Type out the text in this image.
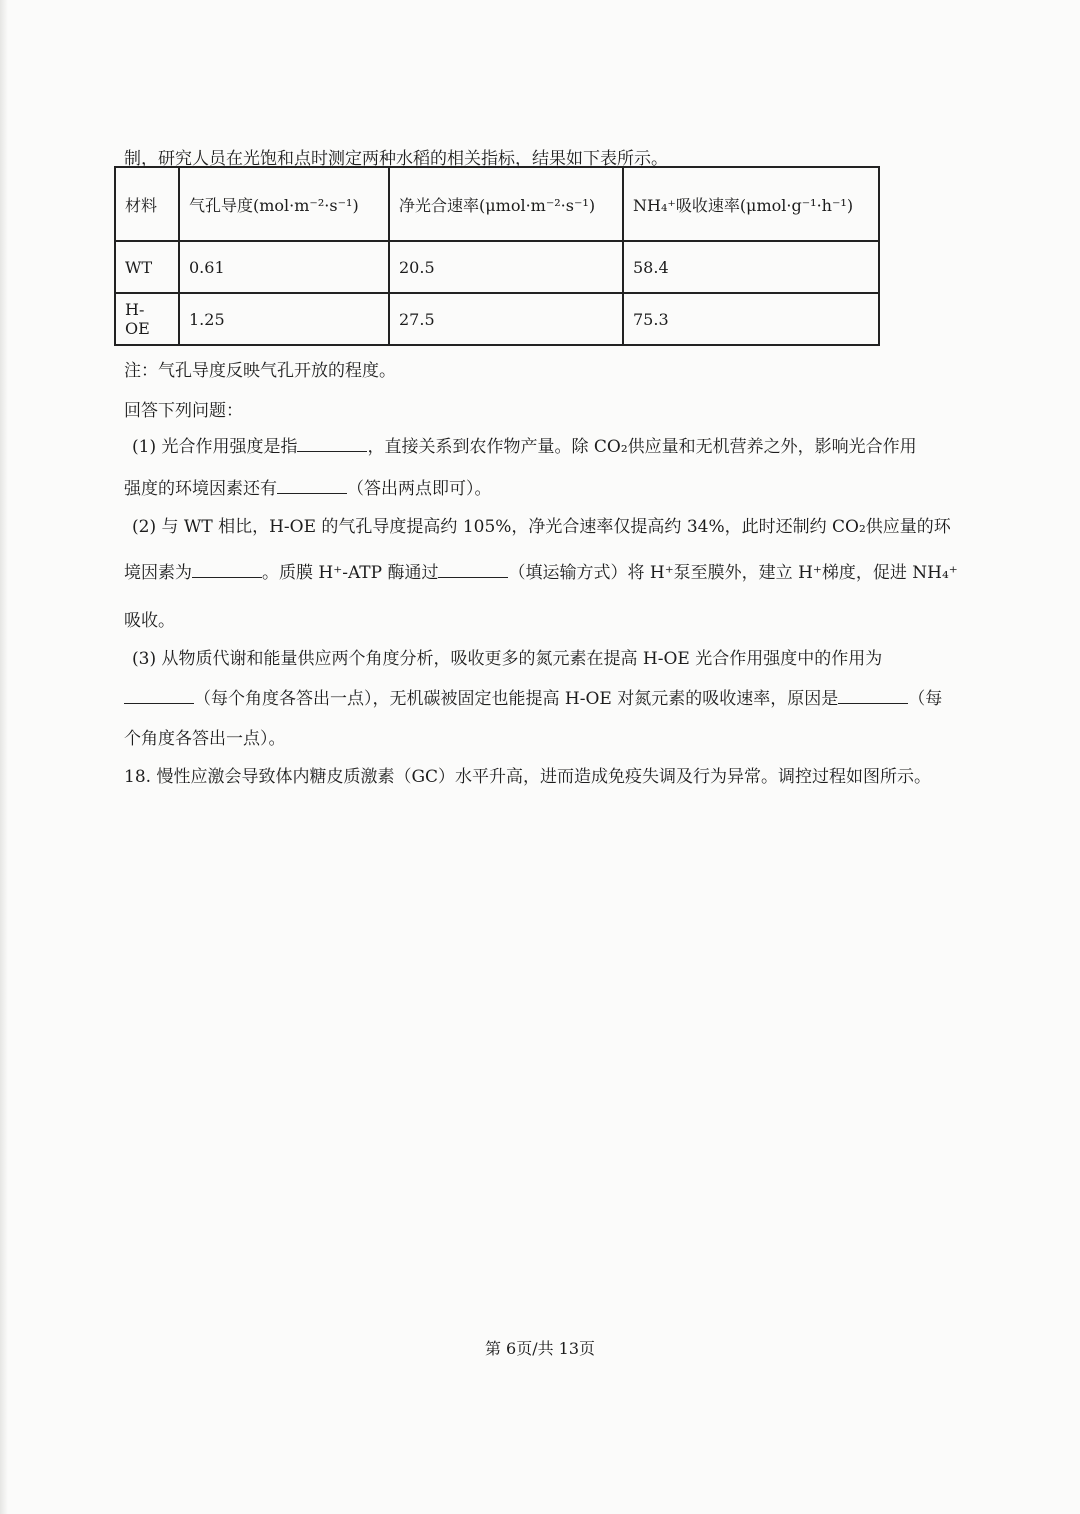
制，研究人员在光饱和点时测定两种水稻的相关指标，结果如下表所示。
材料	气孔导度(mol·m⁻²·s⁻¹)	净光合速率(μmol·m⁻²·s⁻¹)	NH₄⁺吸收速率(μmol·g⁻¹·h⁻¹)
WT	0.61	20.5	58.4
H-OE	1.25	27.5	75.3
注：气孔导度反映气孔开放的程度。
回答下列问题：
(1) 光合作用强度是指	，直接关系到农作物产量。除 CO₂供应量和无机营养之外，影响光合作用
强度的环境因素还有	（答出两点即可）。
(2) 与 WT 相比，H-OE 的气孔导度提高约 105%，净光合速率仅提高约 34%，此时还制约 CO₂供应量的环
境因素为	。质膜 H⁺-ATP 酶通过	（填运输方式）将 H⁺泵至膜外，建立 H⁺梯度，促进 NH₄⁺
吸收。
(3) 从物质代谢和能量供应两个角度分析，吸收更多的氮元素在提高 H-OE 光合作用强度中的作用为
（每个角度各答出一点），无机碳被固定也能提高 H-OE 对氮元素的吸收速率，原因是	（每
个角度各答出一点）。
18. 慢性应激会导致体内糖皮质激素（GC）水平升高，进而造成免疫失调及行为异常。调控过程如图所示。
第 6页/共 13页
